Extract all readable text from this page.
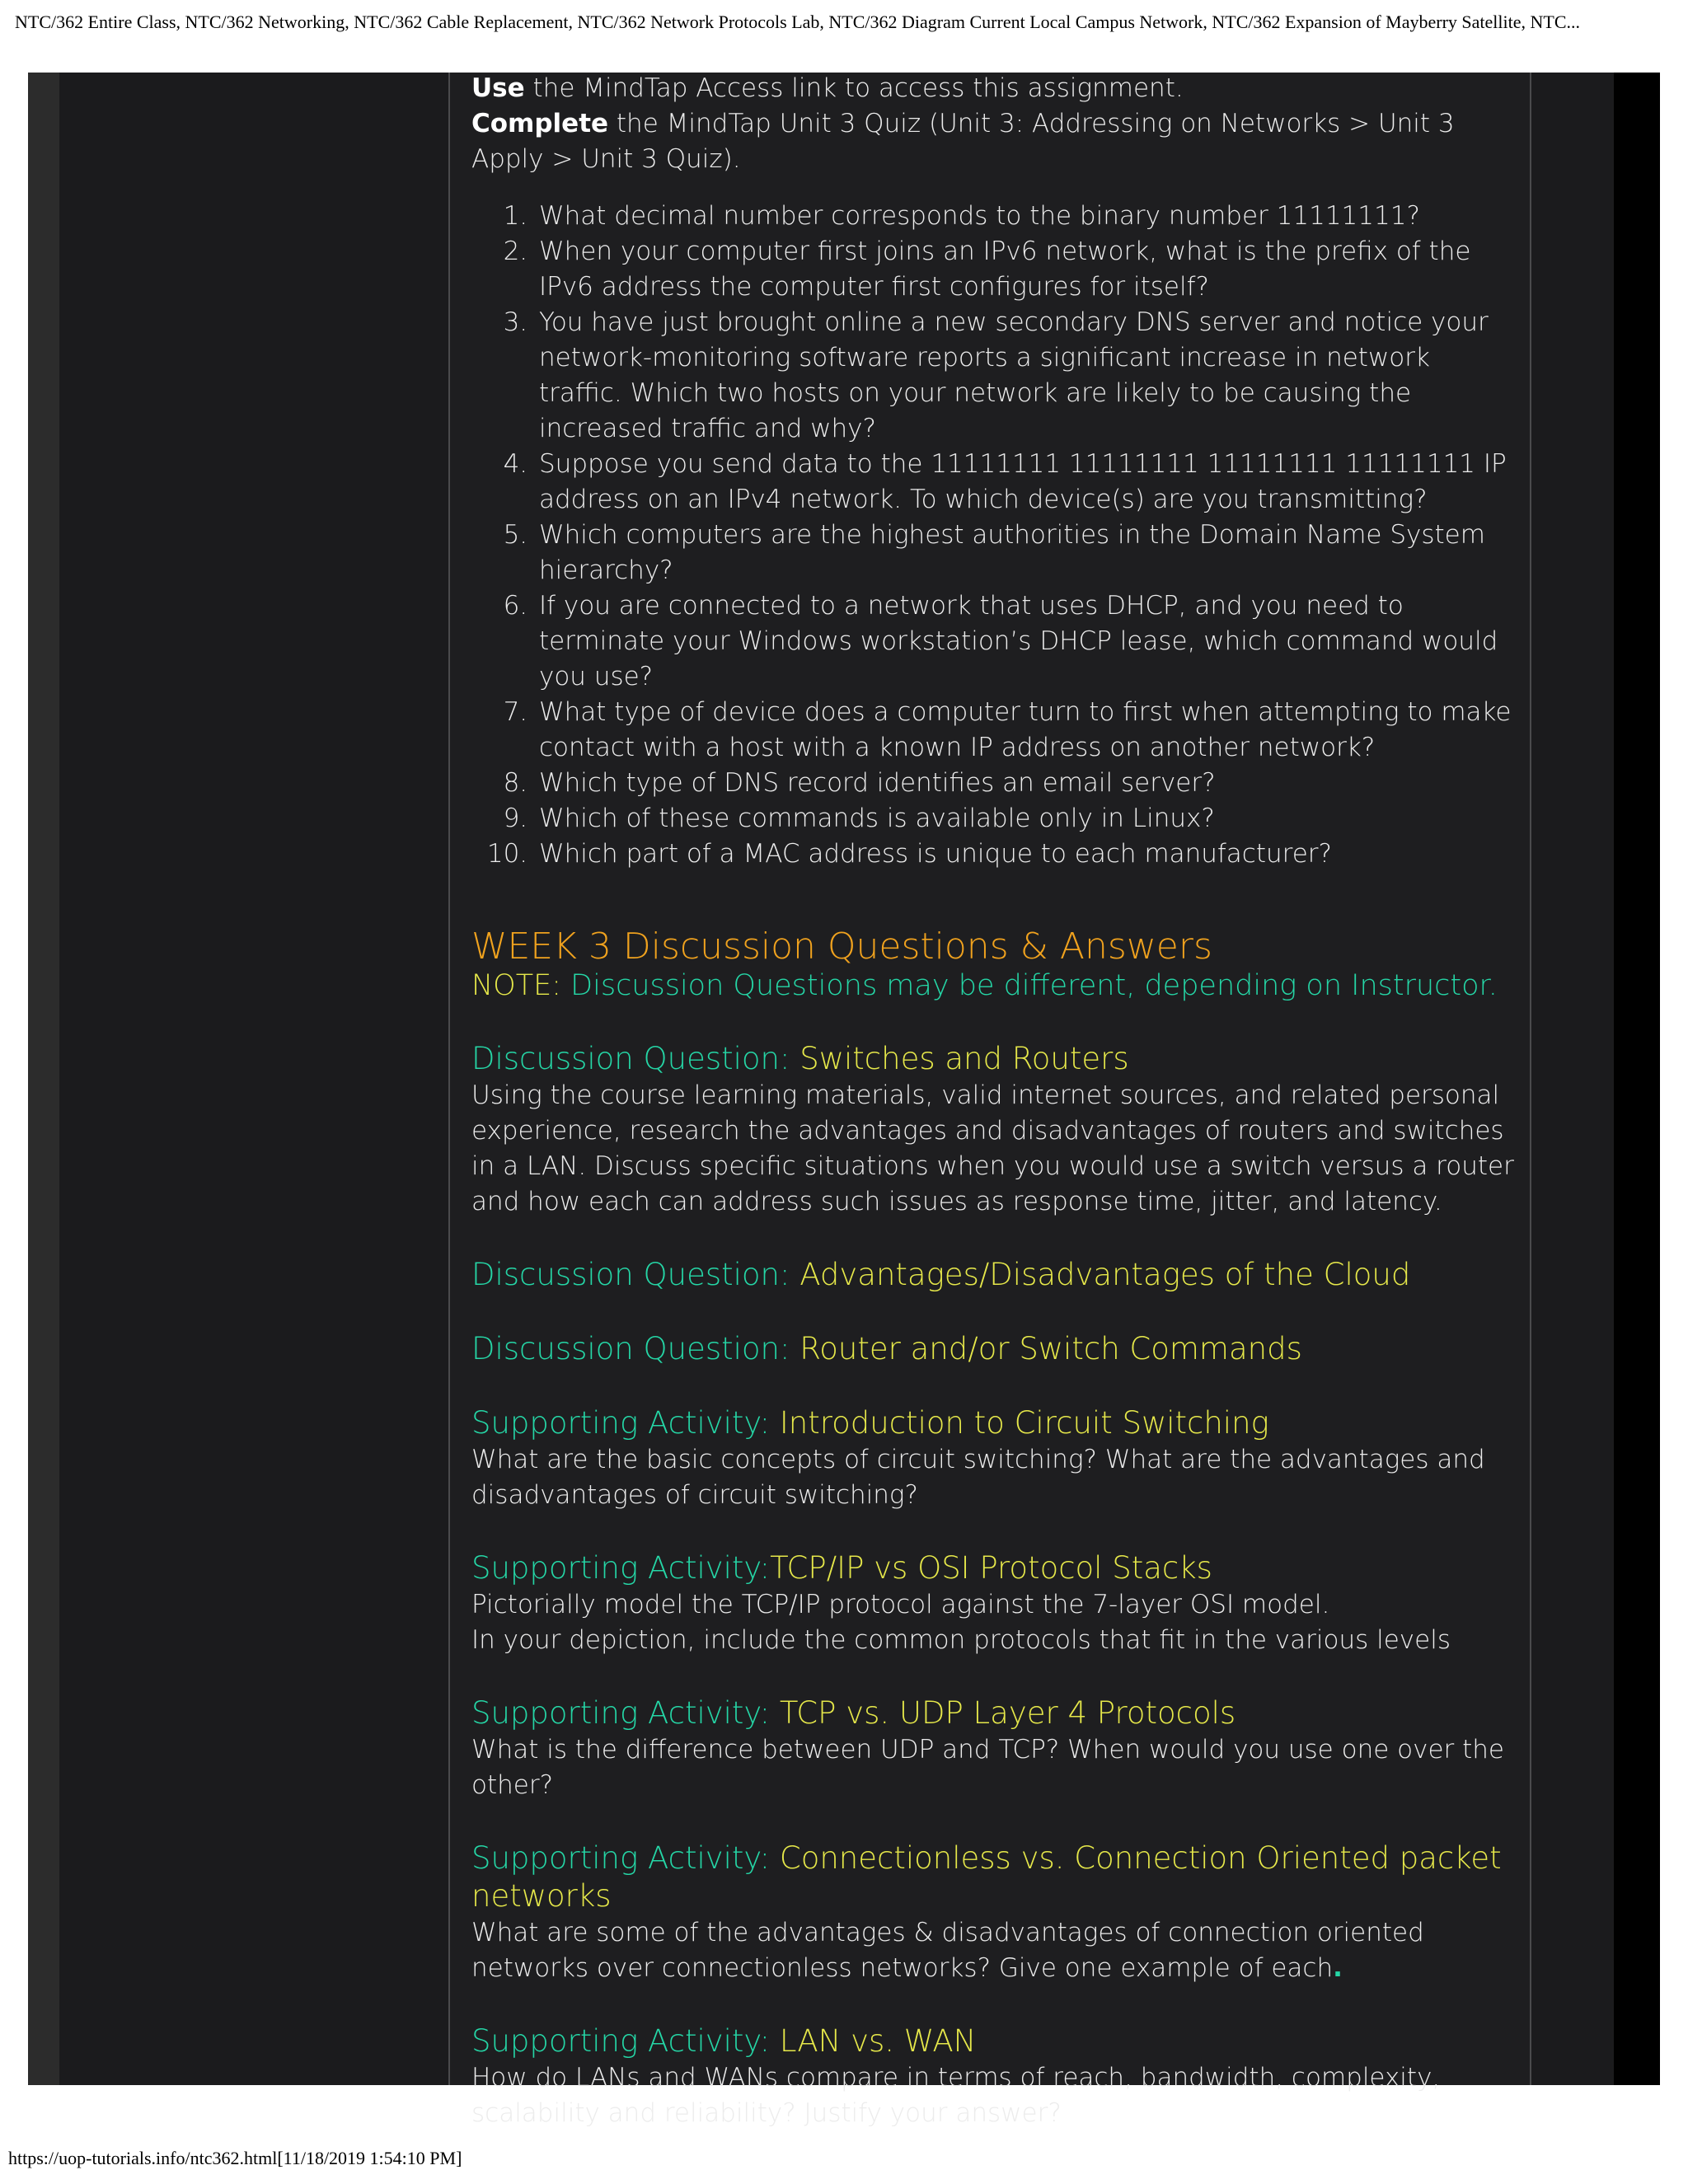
NTC/362 Entire Class, NTC/362 Networking, NTC/362 Cable Replacement, NTC/362 Network Protocols Lab, NTC/362 Diagram Current Local Campus Network, NTC/362 Expansion of Mayberry Satellite, NTC...

Use the MindTap Access link to access this assignment.

Complete the MindTap Unit 3 Quiz (Unit 3: Addressing on Networks > Unit 3 Apply > Unit 3 Quiz).

1. What decimal number corresponds to the binary number 11111111?
2. When your computer first joins an IPv6 network, what is the prefix of the IPv6 address the computer first configures for itself?
3. You have just brought online a new secondary DNS server and notice your network-monitoring software reports a significant increase in network traffic. Which two hosts on your network are likely to be causing the increased traffic and why?
4. Suppose you send data to the 11111111 11111111 11111111 11111111 IP address on an IPv4 network. To which device(s) are you transmitting?
5. Which computers are the highest authorities in the Domain Name System hierarchy?
6. If you are connected to a network that uses DHCP, and you need to terminate your Windows workstation’s DHCP lease, which command would you use?
7. What type of device does a computer turn to first when attempting to make contact with a host with a known IP address on another network?
8. Which type of DNS record identifies an email server?
9. Which of these commands is available only in Linux?
10. Which part of a MAC address is unique to each manufacturer?
WEEK 3 Discussion Questions & Answers
NOTE: Discussion Questions may be different, depending on Instructor.
Discussion Question: Switches and Routers
Using the course learning materials, valid internet sources, and related personal experience, research the advantages and disadvantages of routers and switches in a LAN. Discuss specific situations when you would use a switch versus a router and how each can address such issues as response time, jitter, and latency.
Discussion Question: Advantages/Disadvantages of the Cloud
Discussion Question: Router and/or Switch Commands
Supporting Activity: Introduction to Circuit Switching
What are the basic concepts of circuit switching? What are the advantages and disadvantages of circuit switching?
Supporting Activity:TCP/IP vs OSI Protocol Stacks
Pictorially model the TCP/IP protocol against the 7-layer OSI model.
In your depiction, include the common protocols that fit in the various levels
Supporting Activity: TCP vs. UDP Layer 4 Protocols
What is the difference between UDP and TCP? When would you use one over the other?
Supporting Activity: Connectionless vs. Connection Oriented packet networks
What are some of the advantages & disadvantages of connection oriented networks over connectionless networks? Give one example of each.
Supporting Activity: LAN vs. WAN
How do LANs and WANs compare in terms of reach, bandwidth, complexity, scalability and reliability? Justify your answer?
https://uop-tutorials.info/ntc362.html[11/18/2019 1:54:10 PM]
